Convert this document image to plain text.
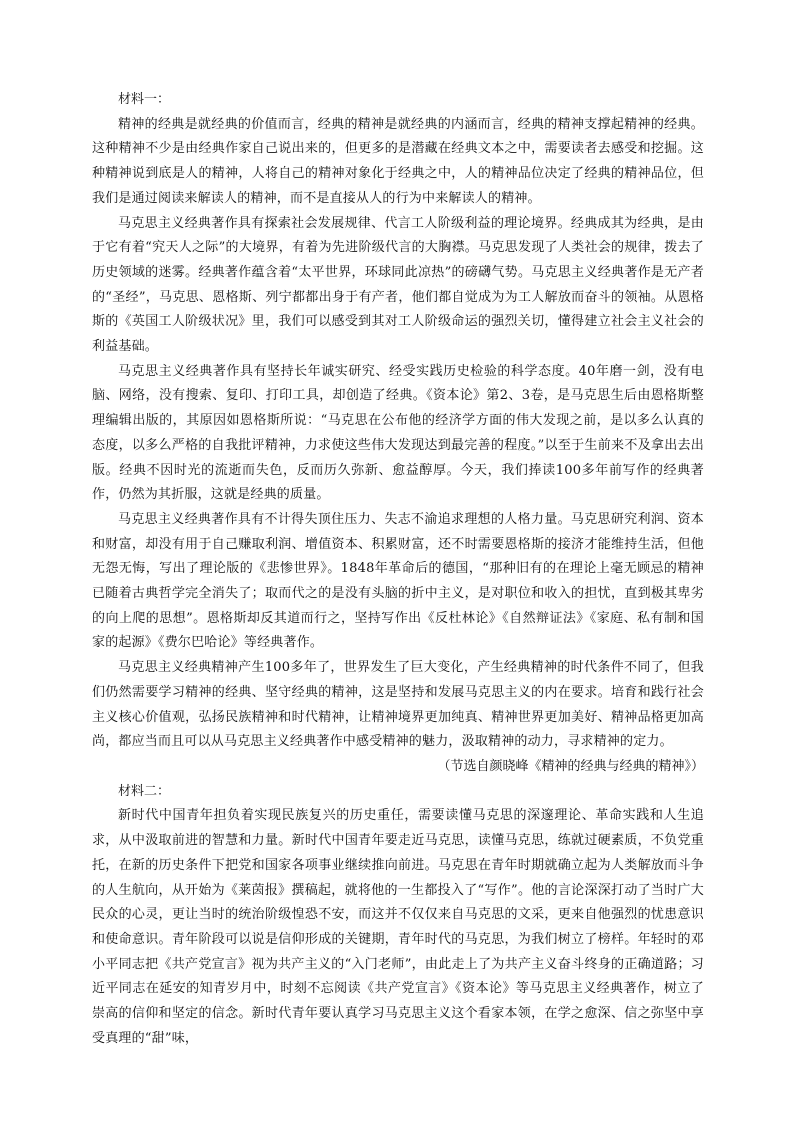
材料一：

精神的经典是就经典的价值而言，经典的精神是就经典的内涵而言，经典的精神支撑起精神的经典。这种精神不少是由经典作家自己说出来的，但更多的是潜藏在经典文本之中，需要读者去感受和挖掘。这种精神说到底是人的精神，人将自己的精神对象化于经典之中，人的精神品位决定了经典的精神品位，但我们是通过阅读来解读人的精神，而不是直接从人的行为中来解读人的精神。

马克思主义经典著作具有探索社会发展规律、代言工人阶级利益的理论境界。经典成其为经典，是由于它有着“究天人之际”的大境界，有着为先进阶级代言的大胸襟。马克思发现了人类社会的规律，拨去了历史领域的迷雾。经典著作蕴含着“太平世界，环球同此凉热”的磅礴气势。马克思主义经典著作是无产者的“圣经”，马克思、恩格斯、列宁都都出身于有产者，他们都自觉成为为工人解放而奋斗的领袖。从恩格斯的《英国工人阶级状况》里，我们可以感受到其对工人阶级命运的强烈关切，懂得建立社会主义社会的利益基础。

马克思主义经典著作具有坚持长年诚实研究、经受实践历史检验的科学态度。40年磨一剑，没有电脑、网络，没有搜索、复印、打印工具，却创造了经典。《资本论》第2、3卷，是马克思生后由恩格斯整理编辑出版的，其原因如恩格斯所说：“马克思在公布他的经济学方面的伟大发现之前，是以多么认真的态度，以多么严格的自我批评精神，力求使这些伟大发现达到最完善的程度。”以至于生前来不及拿出去出版。经典不因时光的流逝而失色，反而历久弥新、愈益醇厚。今天，我们捧读100多年前写作的经典著作，仍然为其折服，这就是经典的质量。

马克思主义经典著作具有不计得失顶住压力、失志不渝追求理想的人格力量。马克思研究利润、资本和财富，却没有用于自己赚取利润、增值资本、积累财富，还不时需要恩格斯的接济才能维持生活，但他无怨无悔，写出了理论版的《悲惨世界》。1848年革命后的德国，“那种旧有的在理论上毫无顾忌的精神已随着古典哲学完全消失了；取而代之的是没有头脑的折中主义，是对职位和收入的担忧，直到极其卑劣的向上爬的思想”。恩格斯却反其道而行之，坚持写作出《反杜林论》《自然辩证法》《家庭、私有制和国家的起源》《费尔巴哈论》等经典著作。

马克思主义经典精神产生100多年了，世界发生了巨大变化，产生经典精神的时代条件不同了，但我们仍然需要学习精神的经典、坚守经典的精神，这是坚持和发展马克思主义的内在要求。培育和践行社会主义核心价值观，弘扬民族精神和时代精神，让精神境界更加纯真、精神世界更加美好、精神品格更加高尚，都应当而且可以从马克思主义经典著作中感受精神的魅力，汲取精神的动力，寻求精神的定力。

（节选自颜晓峰《精神的经典与经典的精神》）

材料二：

新时代中国青年担负着实现民族复兴的历史重任，需要读懂马克思的深邃理论、革命实践和人生追求，从中汲取前进的智慧和力量。新时代中国青年要走近马克思，读懂马克思，练就过硬素质，不负党重托，在新的历史条件下把党和国家各项事业继续推向前进。马克思在青年时期就确立起为人类解放而斗争的人生航向，从开始为《莱茵报》撰稿起，就将他的一生都投入了“写作”。他的言论深深打动了当时广大民众的心灵，更让当时的统治阶级惶恐不安，而这并不仅仅来自马克思的文采，更来自他强烈的忧患意识和使命意识。青年阶段可以说是信仰形成的关键期，青年时代的马克思，为我们树立了榜样。年轻时的邓小平同志把《共产党宣言》视为共产主义的“入门老师”，由此走上了为共产主义奋斗终身的正确道路；习近平同志在延安的知青岁月中，时刻不忘阅读《共产党宣言》《资本论》等马克思主义经典著作，树立了崇高的信仰和坚定的信念。新时代青年要认真学习马克思主义这个看家本领，在学之愈深、信之弥坚中享受真理的“甜”味，
